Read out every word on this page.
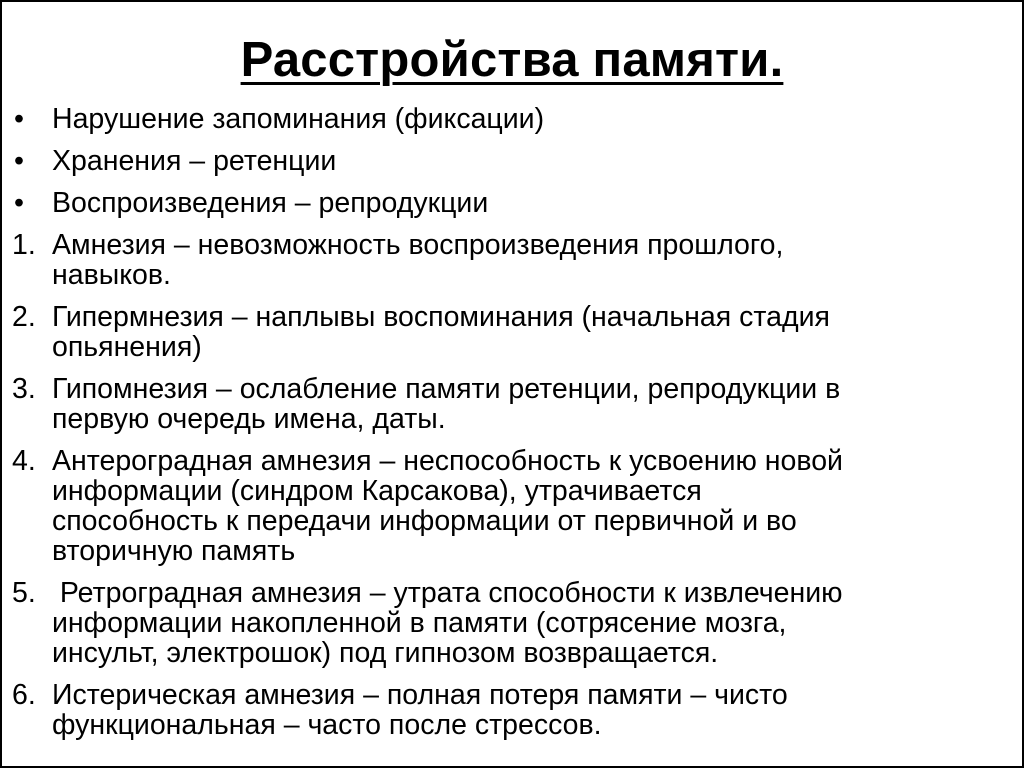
Расстройства памяти.
• Нарушение запоминания (фиксации)
• Хранения – ретенции
• Воспроизведения – репродукции
1. Амнезия – невозможность воспроизведения прошлого,
навыков.
2. Гипермнезия – наплывы воспоминания (начальная стадия
опьянения)
3. Гипомнезия – ослабление памяти ретенции, репродукции в
первую очередь имена, даты.
4. Антероградная амнезия – неспособность к усвоению новой
информации (синдром Карсакова), утрачивается
способность к передачи информации от первичной и во
вторичную память
5. Ретроградная амнезия – утрата способности к извлечению
информации накопленной в памяти (сотрясение мозга,
инсульт, электрошок) под гипнозом возвращается.
6. Истерическая амнезия – полная потеря памяти – чисто
функциональная – часто после стрессов.
